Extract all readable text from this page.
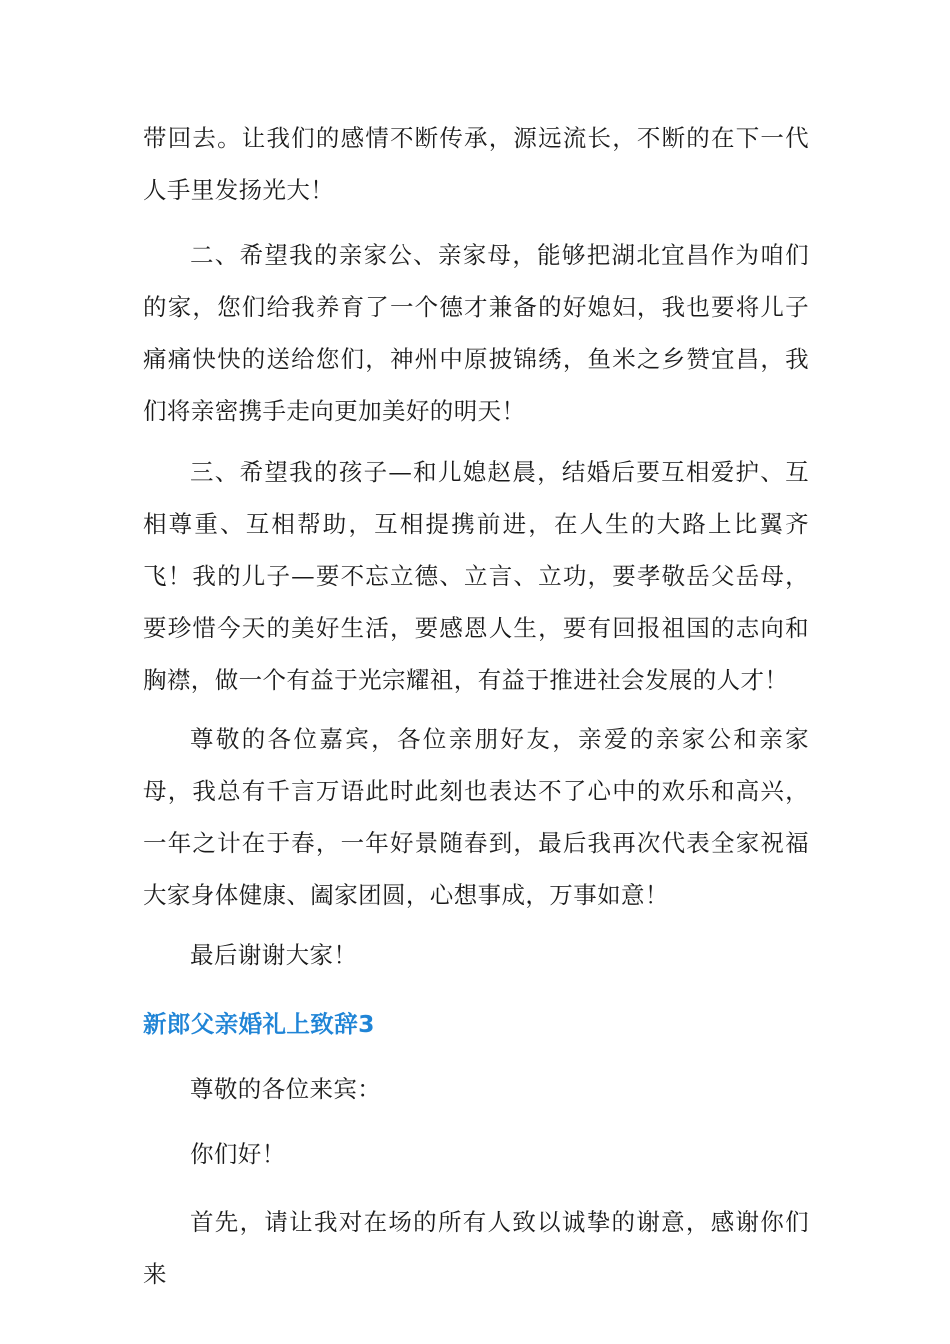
带回去。让我们的感情不断传承，源远流长，不断的在下一代人手里发扬光大！

二、希望我的亲家公、亲家母，能够把湖北宜昌作为咱们的家，您们给我养育了一个德才兼备的好媳妇，我也要将儿子痛痛快快的送给您们，神州中原披锦绣，鱼米之乡赞宜昌，我们将亲密携手走向更加美好的明天！

三、希望我的孩子—和儿媳赵晨，结婚后要互相爱护、互相尊重、互相帮助，互相提携前进，在人生的大路上比翼齐飞！我的儿子—要不忘立德、立言、立功，要孝敬岳父岳母，要珍惜今天的美好生活，要感恩人生，要有回报祖国的志向和胸襟，做一个有益于光宗耀祖，有益于推进社会发展的人才！

尊敬的各位嘉宾，各位亲朋好友，亲爱的亲家公和亲家母，我总有千言万语此时此刻也表达不了心中的欢乐和高兴，一年之计在于春，一年好景随春到，最后我再次代表全家祝福大家身体健康、阖家团圆，心想事成，万事如意！

最后谢谢大家！

新郎父亲婚礼上致辞3

尊敬的各位来宾：

你们好！

首先，请让我对在场的所有人致以诚挚的谢意，感谢你们来
